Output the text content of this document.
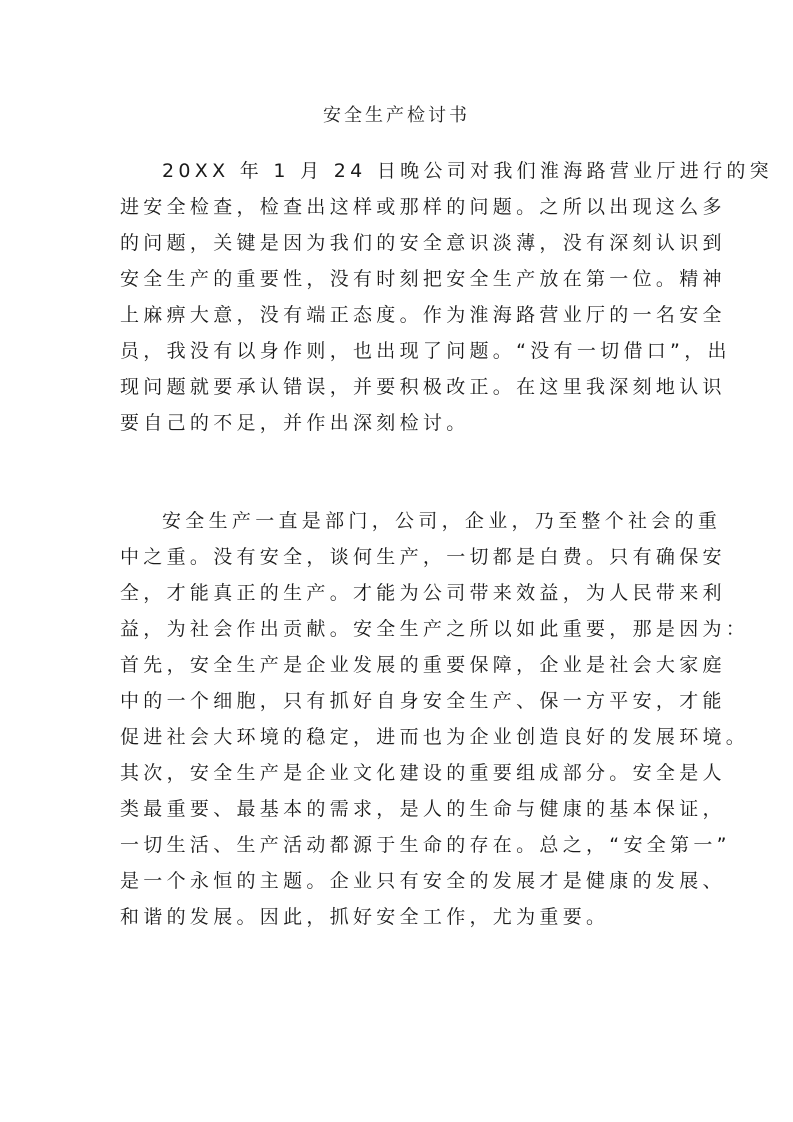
安全生产检讨书
20XX 年 1 月 24 日晚公司对我们淮海路营业厅进行的突
进安全检查，检查出这样或那样的问题。之所以出现这么多
的问题，关键是因为我们的安全意识淡薄，没有深刻认识到
安全生产的重要性，没有时刻把安全生产放在第一位。精神
上麻痹大意，没有端正态度。作为淮海路营业厅的一名安全
员，我没有以身作则，也出现了问题。“没有一切借口”，出
现问题就要承认错误，并要积极改正。在这里我深刻地认识
要自己的不足，并作出深刻检讨。
安全生产一直是部门，公司，企业，乃至整个社会的重
中之重。没有安全，谈何生产，一切都是白费。只有确保安
全，才能真正的生产。才能为公司带来效益，为人民带来利
益，为社会作出贡献。安全生产之所以如此重要，那是因为：
首先，安全生产是企业发展的重要保障，企业是社会大家庭
中的一个细胞，只有抓好自身安全生产、保一方平安，才能
促进社会大环境的稳定，进而也为企业创造良好的发展环境。
其次，安全生产是企业文化建设的重要组成部分。安全是人
类最重要、最基本的需求，是人的生命与健康的基本保证，
一切生活、生产活动都源于生命的存在。总之，“安全第一”
是一个永恒的主题。企业只有安全的发展才是健康的发展、
和谐的发展。因此，抓好安全工作，尤为重要。
